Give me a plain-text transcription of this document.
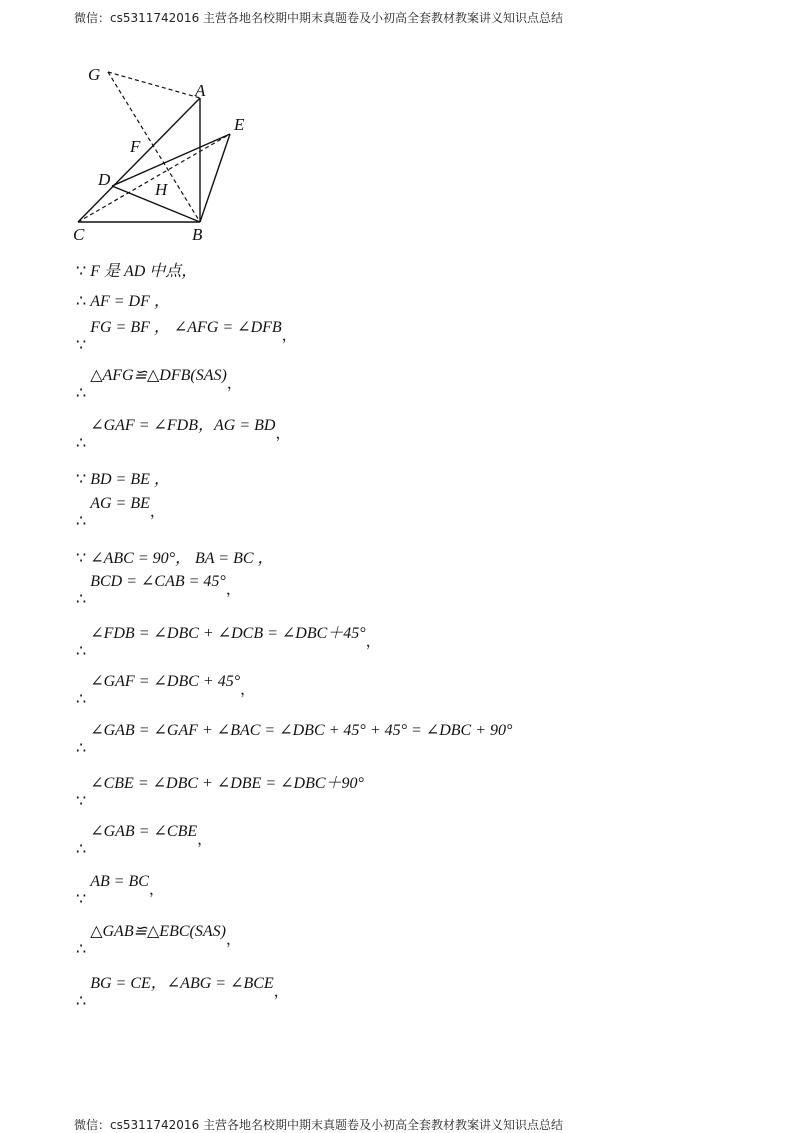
微信：cs5311742016 主营各地名校期中期末真题卷及小初高全套教材教案讲义知识点总结
G
A
E
F
D
H
C	B
∵ F 是 AD 中点，
∴ AF = DF ，
∵FG = BF ， ∠AFG = ∠DFB，
∴△AFG≌△DFB(SAS)，
∴∠GAF = ∠FDB，AG = BD，
∵ BD = BE ，
∴AG = BE，
∵ ∠ABC = 90°， BA = BC ，
∴BCD = ∠CAB = 45°，
∴∠FDB = ∠DBC + ∠DCB = ∠DBC＋45°，
∴∠GAF = ∠DBC + 45°，
∴∠GAB = ∠GAF + ∠BAC = ∠DBC + 45° + 45° = ∠DBC + 90°
∵∠CBE = ∠DBC + ∠DBE = ∠DBC＋90°
∴∠GAB = ∠CBE，
∵AB = BC，
∴△GAB≌△EBC(SAS)，
∴BG = CE，∠ABG = ∠BCE，
微信：cs5311742016 主营各地名校期中期末真题卷及小初高全套教材教案讲义知识点总结
